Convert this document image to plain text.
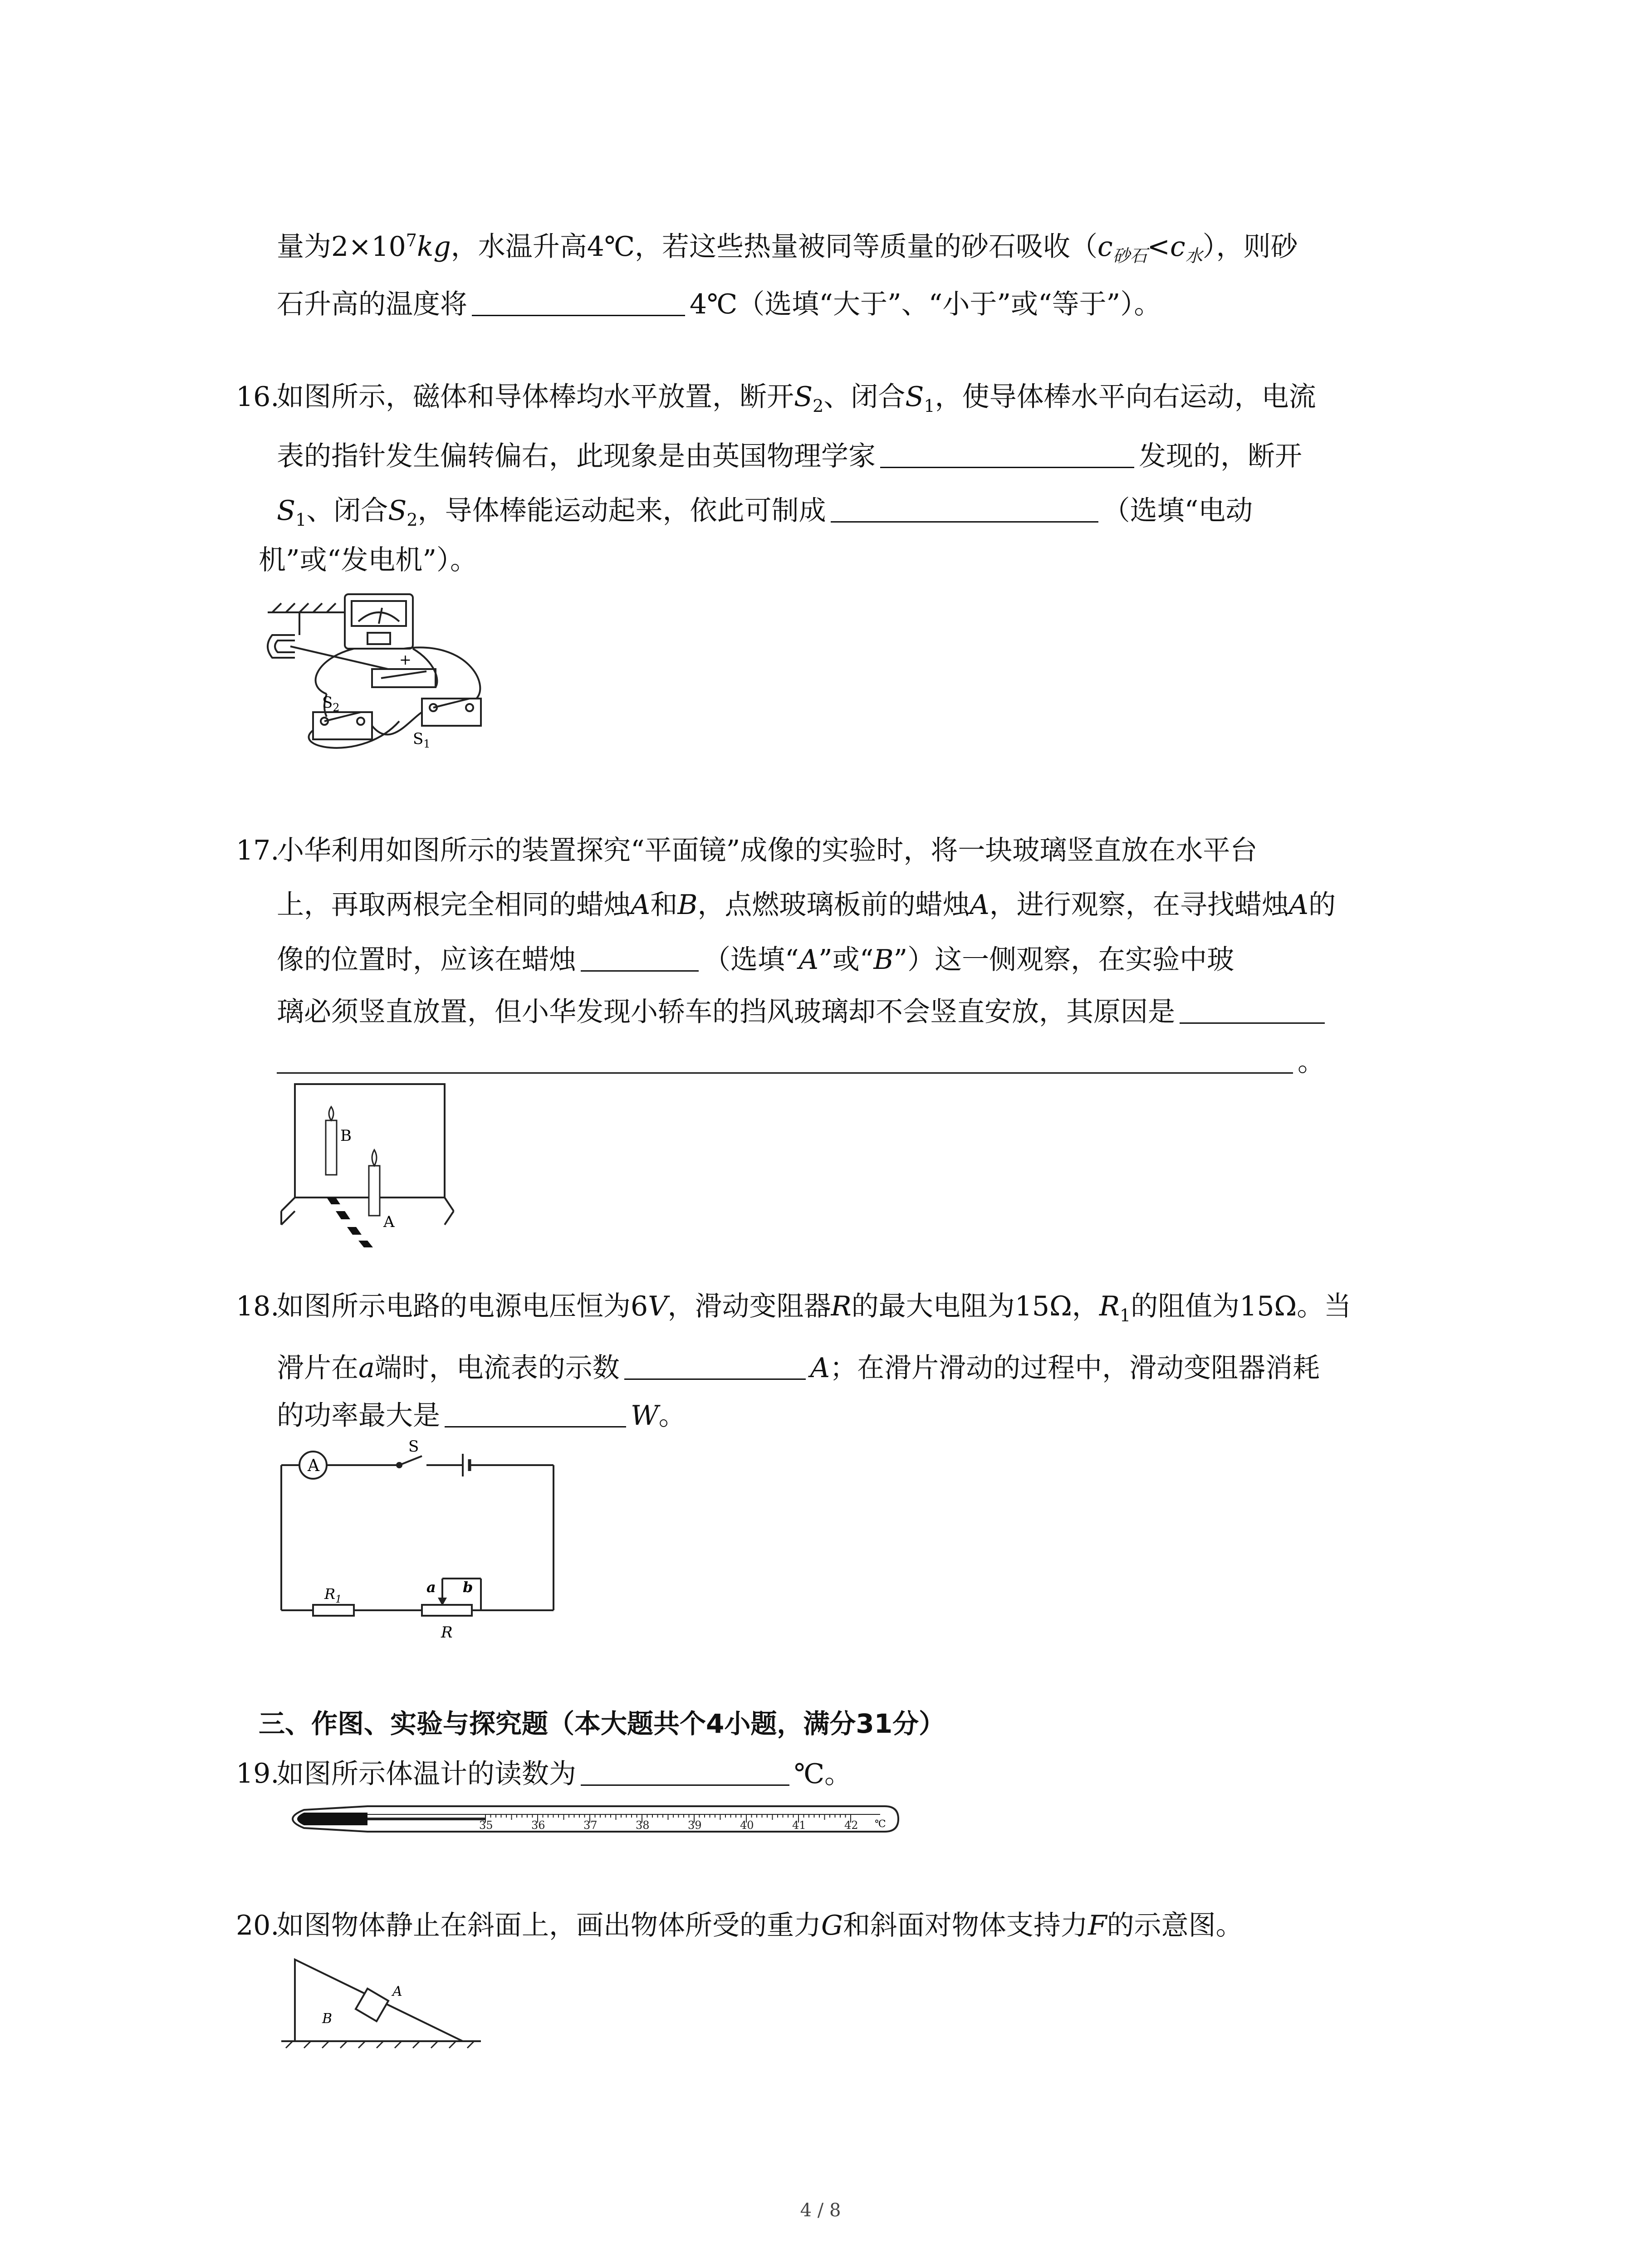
量为$2\times 10^7kg$，水温升高4℃，若这些热量被同等质量的砂石吸收$(c_{砂石}<c_水)$，则砂
石升高的温度将	4℃（选填“大于”、“小于”或“等于”）。
16.
如图所示，磁体和导体棒均水平放置，断开$S_2$、闭合$S_1$，使导体棒水平向右运动，电流
表的指针发生偏转偏右，此现象是由英国物理学家	发现的，断开
$S_1$、闭合$S_2$，导体棒能运动起来，依此可制成	（选填“电动
机”或“发电机”）。
+
$S_2$
$S_1$
17.
小华利用如图所示的装置探究“平面镜”成像的实验时，将一块玻璃竖直放在水平台
上，再取两根完全相同的蜡烛A和B，点燃玻璃板前的蜡烛A，进行观察，在寻找蜡烛A的
像的位置时，应该在蜡烛	（选填“A”或“B”）这一侧观察，在实验中玻
璃必须竖直放置，但小华发现小轿车的挡风玻璃却不会竖直安放，其原因是
。
B
A
18.
如图所示电路的电源电压恒为6V，滑动变阻器R的最大电阻为15Ω，$R_1$的阻值为15Ω。当
滑片在a端时，电流表的示数	A；在滑片滑动的过程中，滑动变阻器消耗
的功率最大是	W。
A
S
$R_1$
a b
R
三、作图、实验与探究题（本大题共个4小题，满分31分）
19.
如图所示体温计的读数为	℃。
35	36	37	38	39	40	41	42 ℃
20.
如图物体静止在斜面上，画出物体所受的重力G和斜面对物体支持力F的示意图。
A
B
4 / 8
